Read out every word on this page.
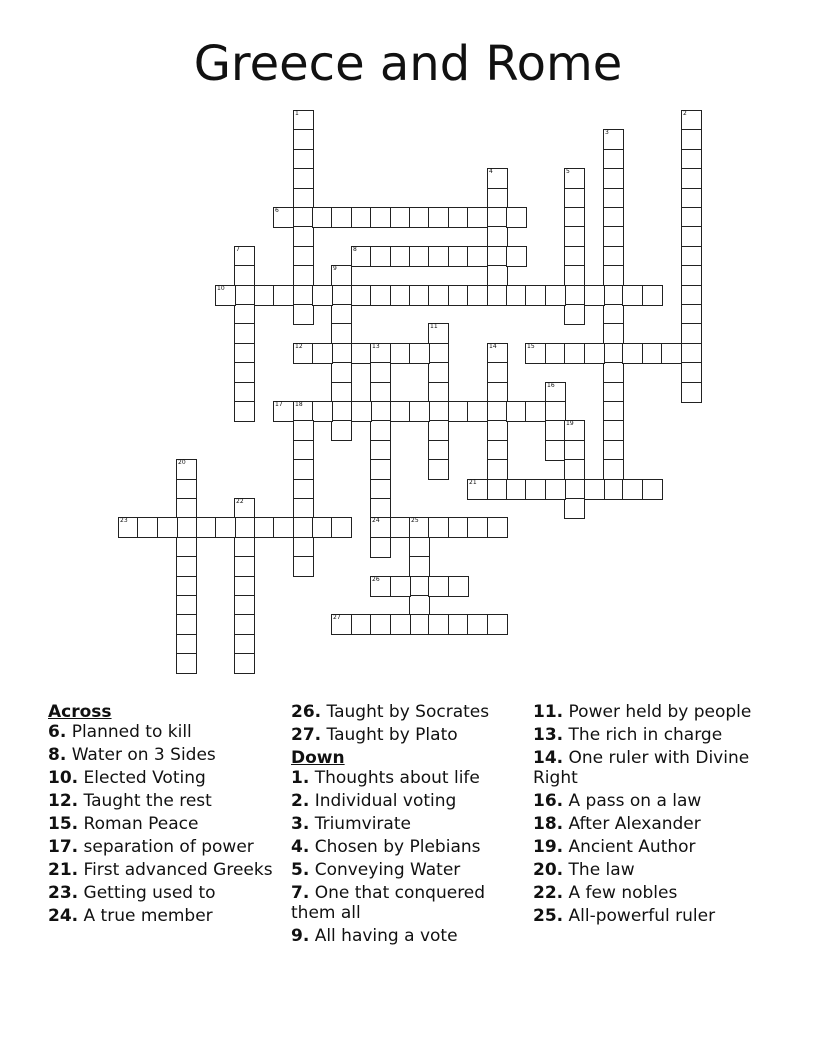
Greece and Rome
1	2
3
4	5
6
7	8
9
10
11
12	13
24
14	15
16
17 18
19
20
21
22
23	25
26
27
Across
6. Planned to kill
8. Water on 3 Sides
10. Elected Voting
12. Taught the rest
15. Roman Peace
17. separation of power
21. First advanced Greeks
23. Getting used to
24. A true member
26. Taught by Socrates
27. Taught by Plato
Down
1. Thoughts about life
2. Individual voting
3. Triumvirate
4. Chosen by Plebians
5. Conveying Water
7. One that conquered them all
9. All having a vote
11. Power held by people
13. The rich in charge
14. One ruler with Divine Right
16. A pass on a law
18. After Alexander
19. Ancient Author
20. The law
22. A few nobles
25. All-powerful ruler
